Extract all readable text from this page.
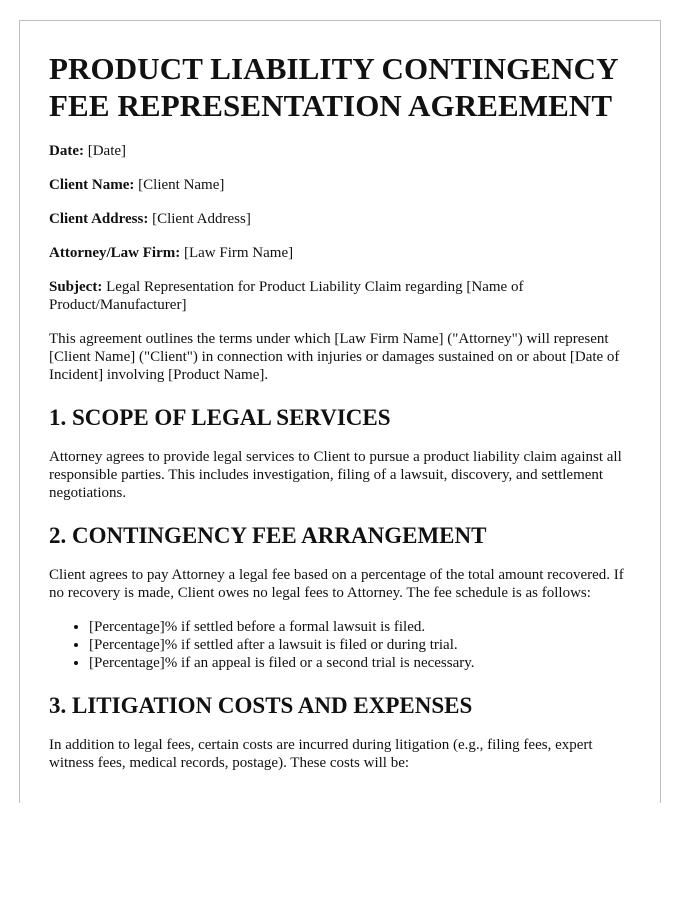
PRODUCT LIABILITY CONTINGENCY FEE REPRESENTATION AGREEMENT
Date: [Date]
Client Name: [Client Name]
Client Address: [Client Address]
Attorney/Law Firm: [Law Firm Name]
Subject: Legal Representation for Product Liability Claim regarding [Name of Product/Manufacturer]

This agreement outlines the terms under which [Law Firm Name] ("Attorney") will represent [Client Name] ("Client") in connection with injuries or damages sustained on or about [Date of Incident] involving [Product Name].

1. SCOPE OF LEGAL SERVICES

Attorney agrees to provide legal services to Client to pursue a product liability claim against all responsible parties. This includes investigation, filing of a lawsuit, discovery, and settlement negotiations.

2. CONTINGENCY FEE ARRANGEMENT

Client agrees to pay Attorney a legal fee based on a percentage of the total amount recovered. If no recovery is made, Client owes no legal fees to Attorney. The fee schedule is as follows:

• [Percentage]% if settled before a formal lawsuit is filed.
• [Percentage]% if settled after a lawsuit is filed or during trial.
• [Percentage]% if an appeal is filed or a second trial is necessary.
3. LITIGATION COSTS AND EXPENSES

In addition to legal fees, certain costs are incurred during litigation (e.g., filing fees, expert witness fees, medical records, postage). These costs will be:
